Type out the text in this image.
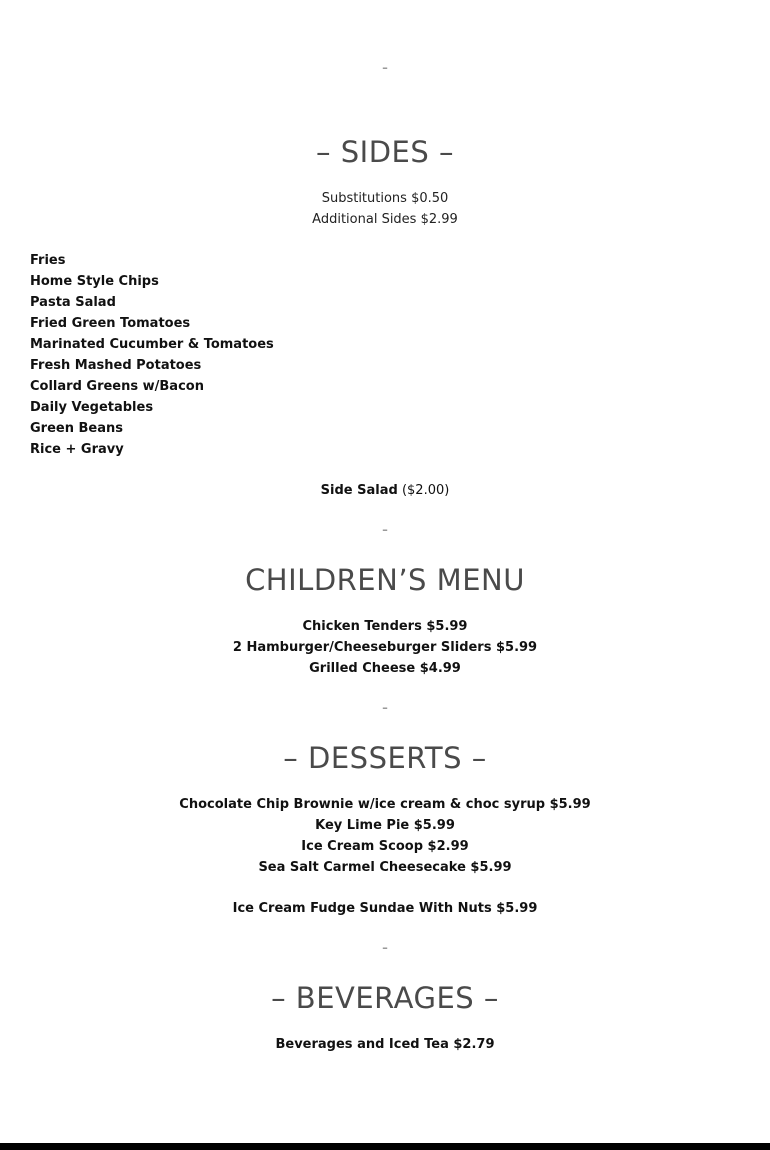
–
– SIDES –
Substitutions $0.50
Additional Sides $2.99
Fries
Home Style Chips
Pasta Salad
Fried Green Tomatoes
Marinated Cucumber & Tomatoes
Fresh Mashed Potatoes
Collard Greens w/Bacon
Daily Vegetables
Green Beans
Rice + Gravy
Side Salad ($2.00)
–
CHILDREN’S MENU
Chicken Tenders $5.99
2 Hamburger/Cheeseburger Sliders $5.99
Grilled Cheese $4.99
–
– DESSERTS –
Chocolate Chip Brownie w/ice cream & choc syrup $5.99
Key Lime Pie $5.99
Ice Cream Scoop $2.99
Sea Salt Carmel Cheesecake $5.99
Ice Cream Fudge Sundae With Nuts $5.99
–
– BEVERAGES –
Beverages and Iced Tea $2.79
